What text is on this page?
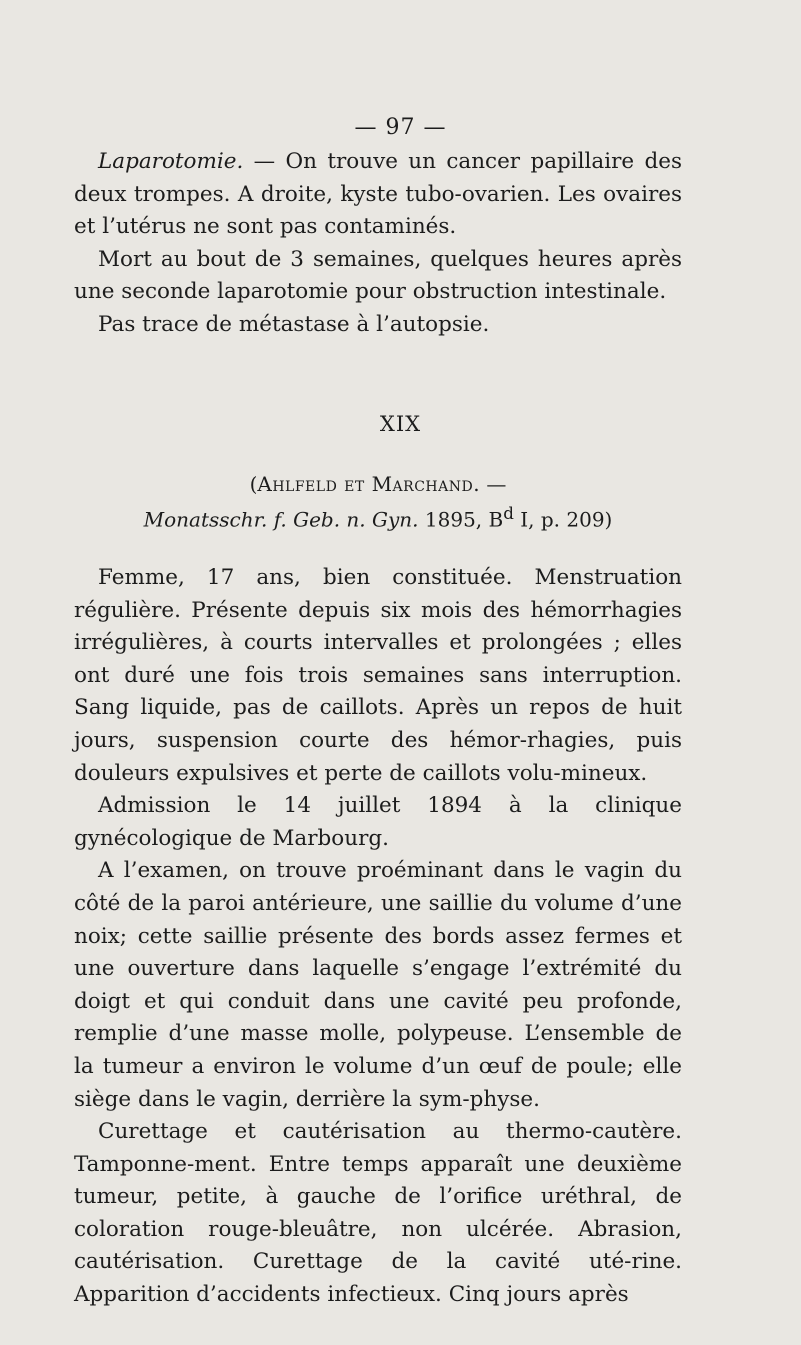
— 97 —

Laparotomie. — On trouve un cancer papillaire des deux trompes. A droite, kyste tubo-ovarien. Les ovaires et l’utérus ne sont pas contaminés.

Mort au bout de 3 semaines, quelques heures après une seconde laparotomie pour obstruction intestinale.

Pas trace de métastase à l’autopsie.

XIX
(Ahlfeld et Marchand. —
Monatsschr. f. Geb. n. Gyn. 1895, $B^d$ I, p. 209)

Femme, 17 ans, bien constituée. Menstruation régulière. Présente depuis six mois des hémorrhagies irrégulières, à courts intervalles et prolongées ; elles ont duré une fois trois semaines sans interruption. Sang liquide, pas de caillots. Après un repos de huit jours, suspension courte des hémor-rhagies, puis douleurs expulsives et perte de caillots volu-mineux.

Admission le 14 juillet 1894 à la clinique gynécologique de Marbourg.

A l’examen, on trouve proéminant dans le vagin du côté de la paroi antérieure, une saillie du volume d’une noix; cette saillie présente des bords assez fermes et une ouverture dans laquelle s’engage l’extrémité du doigt et qui conduit dans une cavité peu profonde, remplie d’une masse molle, polypeuse. L’ensemble de la tumeur a environ le volume d’un œuf de poule; elle siège dans le vagin, derrière la sym-physe.

Curettage et cautérisation au thermo-cautère. Tamponne-ment. Entre temps apparaît une deuxième tumeur, petite, à gauche de l’orifice uréthral, de coloration rouge-bleuâtre, non ulcérée. Abrasion, cautérisation. Curettage de la cavité uté-rine. Apparition d’accidents infectieux. Cinq jours après
